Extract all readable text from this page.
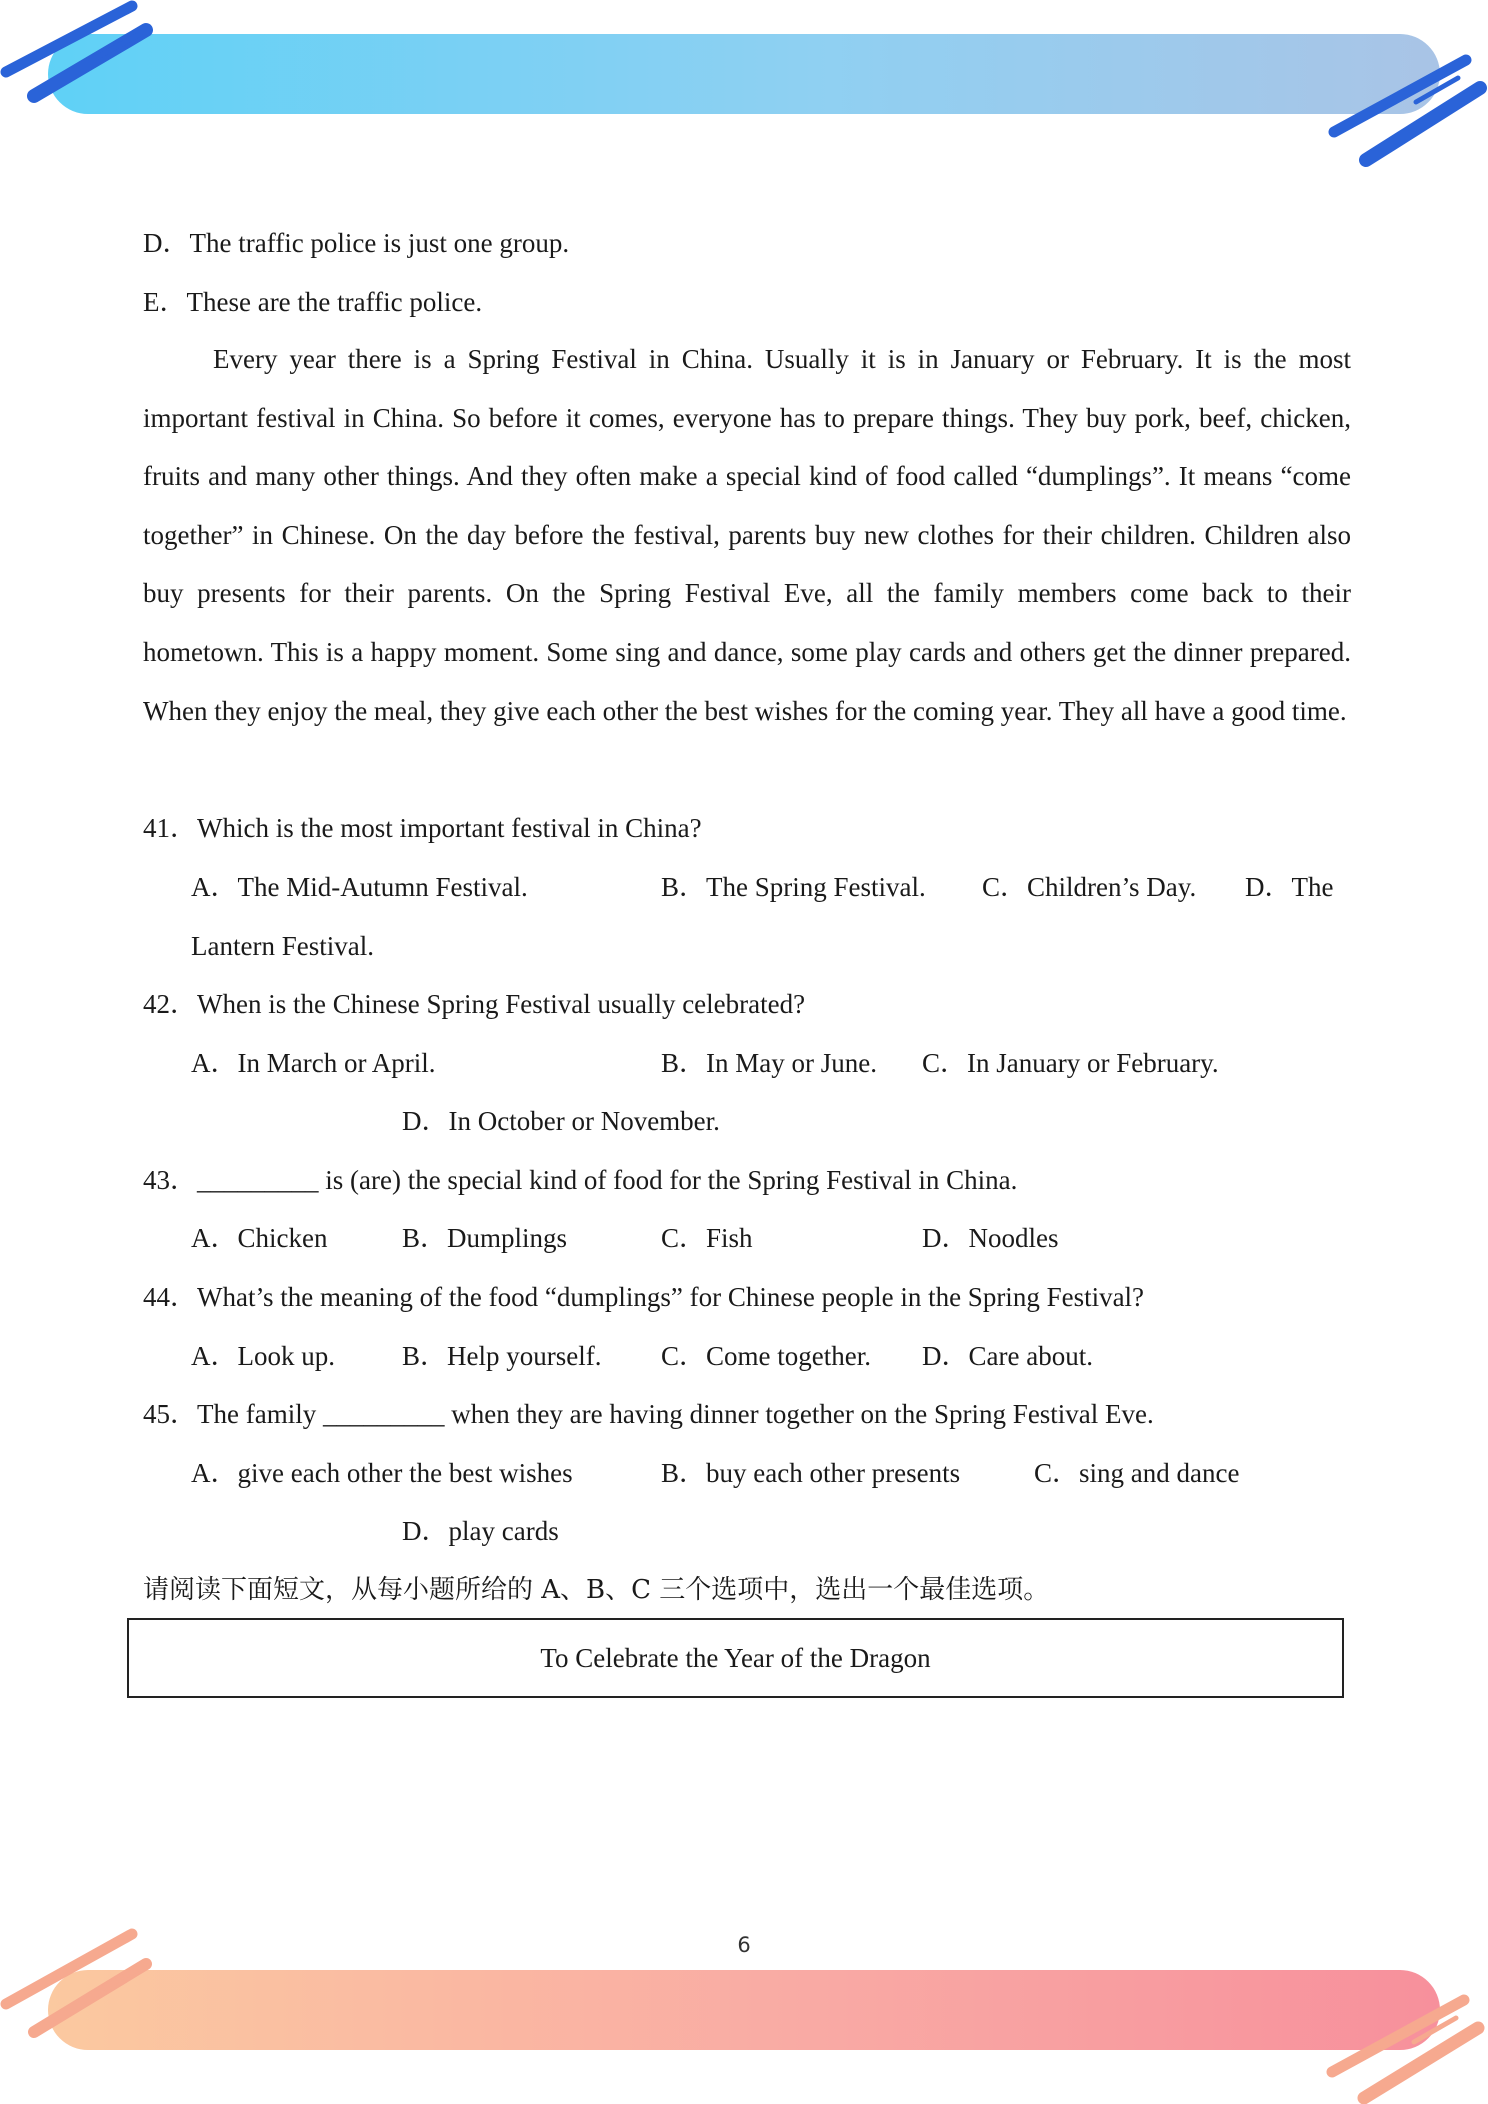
D．The traffic police is just one group.
E．These are the traffic police.
Every year there is a Spring Festival in China. Usually it is in January or February. It is the most important festival in China. So before it comes, everyone has to prepare things. They buy pork, beef, chicken, fruits and many other things. And they often make a special kind of food called “dumplings”. It means “come together” in Chinese. On the day before the festival, parents buy new clothes for their children. Children also buy presents for their parents. On the Spring Festival Eve, all the family members come back to their hometown. This is a happy moment. Some sing and dance, some play cards and others get the dinner prepared. When they enjoy the meal, they give each other the best wishes for the coming year. They all have a good time.
41．Which is the most important festival in China?
A．The Mid-Autumn Festival.	B．The Spring Festival. C．Children’s Day. D．The
Lantern Festival.
42．When is the Chinese Spring Festival usually celebrated?
A．In March or April.	B．In May or June. C．In January or February.
D．In October or November.
43．_________ is (are) the special kind of food for the Spring Festival in China.
A．Chicken	B．Dumplings	C．Fish	D．Noodles
44．What’s the meaning of the food “dumplings” for Chinese people in the Spring Festival?
A．Look up. B．Help yourself. C．Come together. D．Care about.
45．The family _________ when they are having dinner together on the Spring Festival Eve.
A．give each other the best wishes	B．buy each other presents	C．sing and dance
D．play cards
请阅读下面短文，从每小题所给的 A、B、C 三个选项中，选出一个最佳选项。
To Celebrate the Year of the Dragon
6
